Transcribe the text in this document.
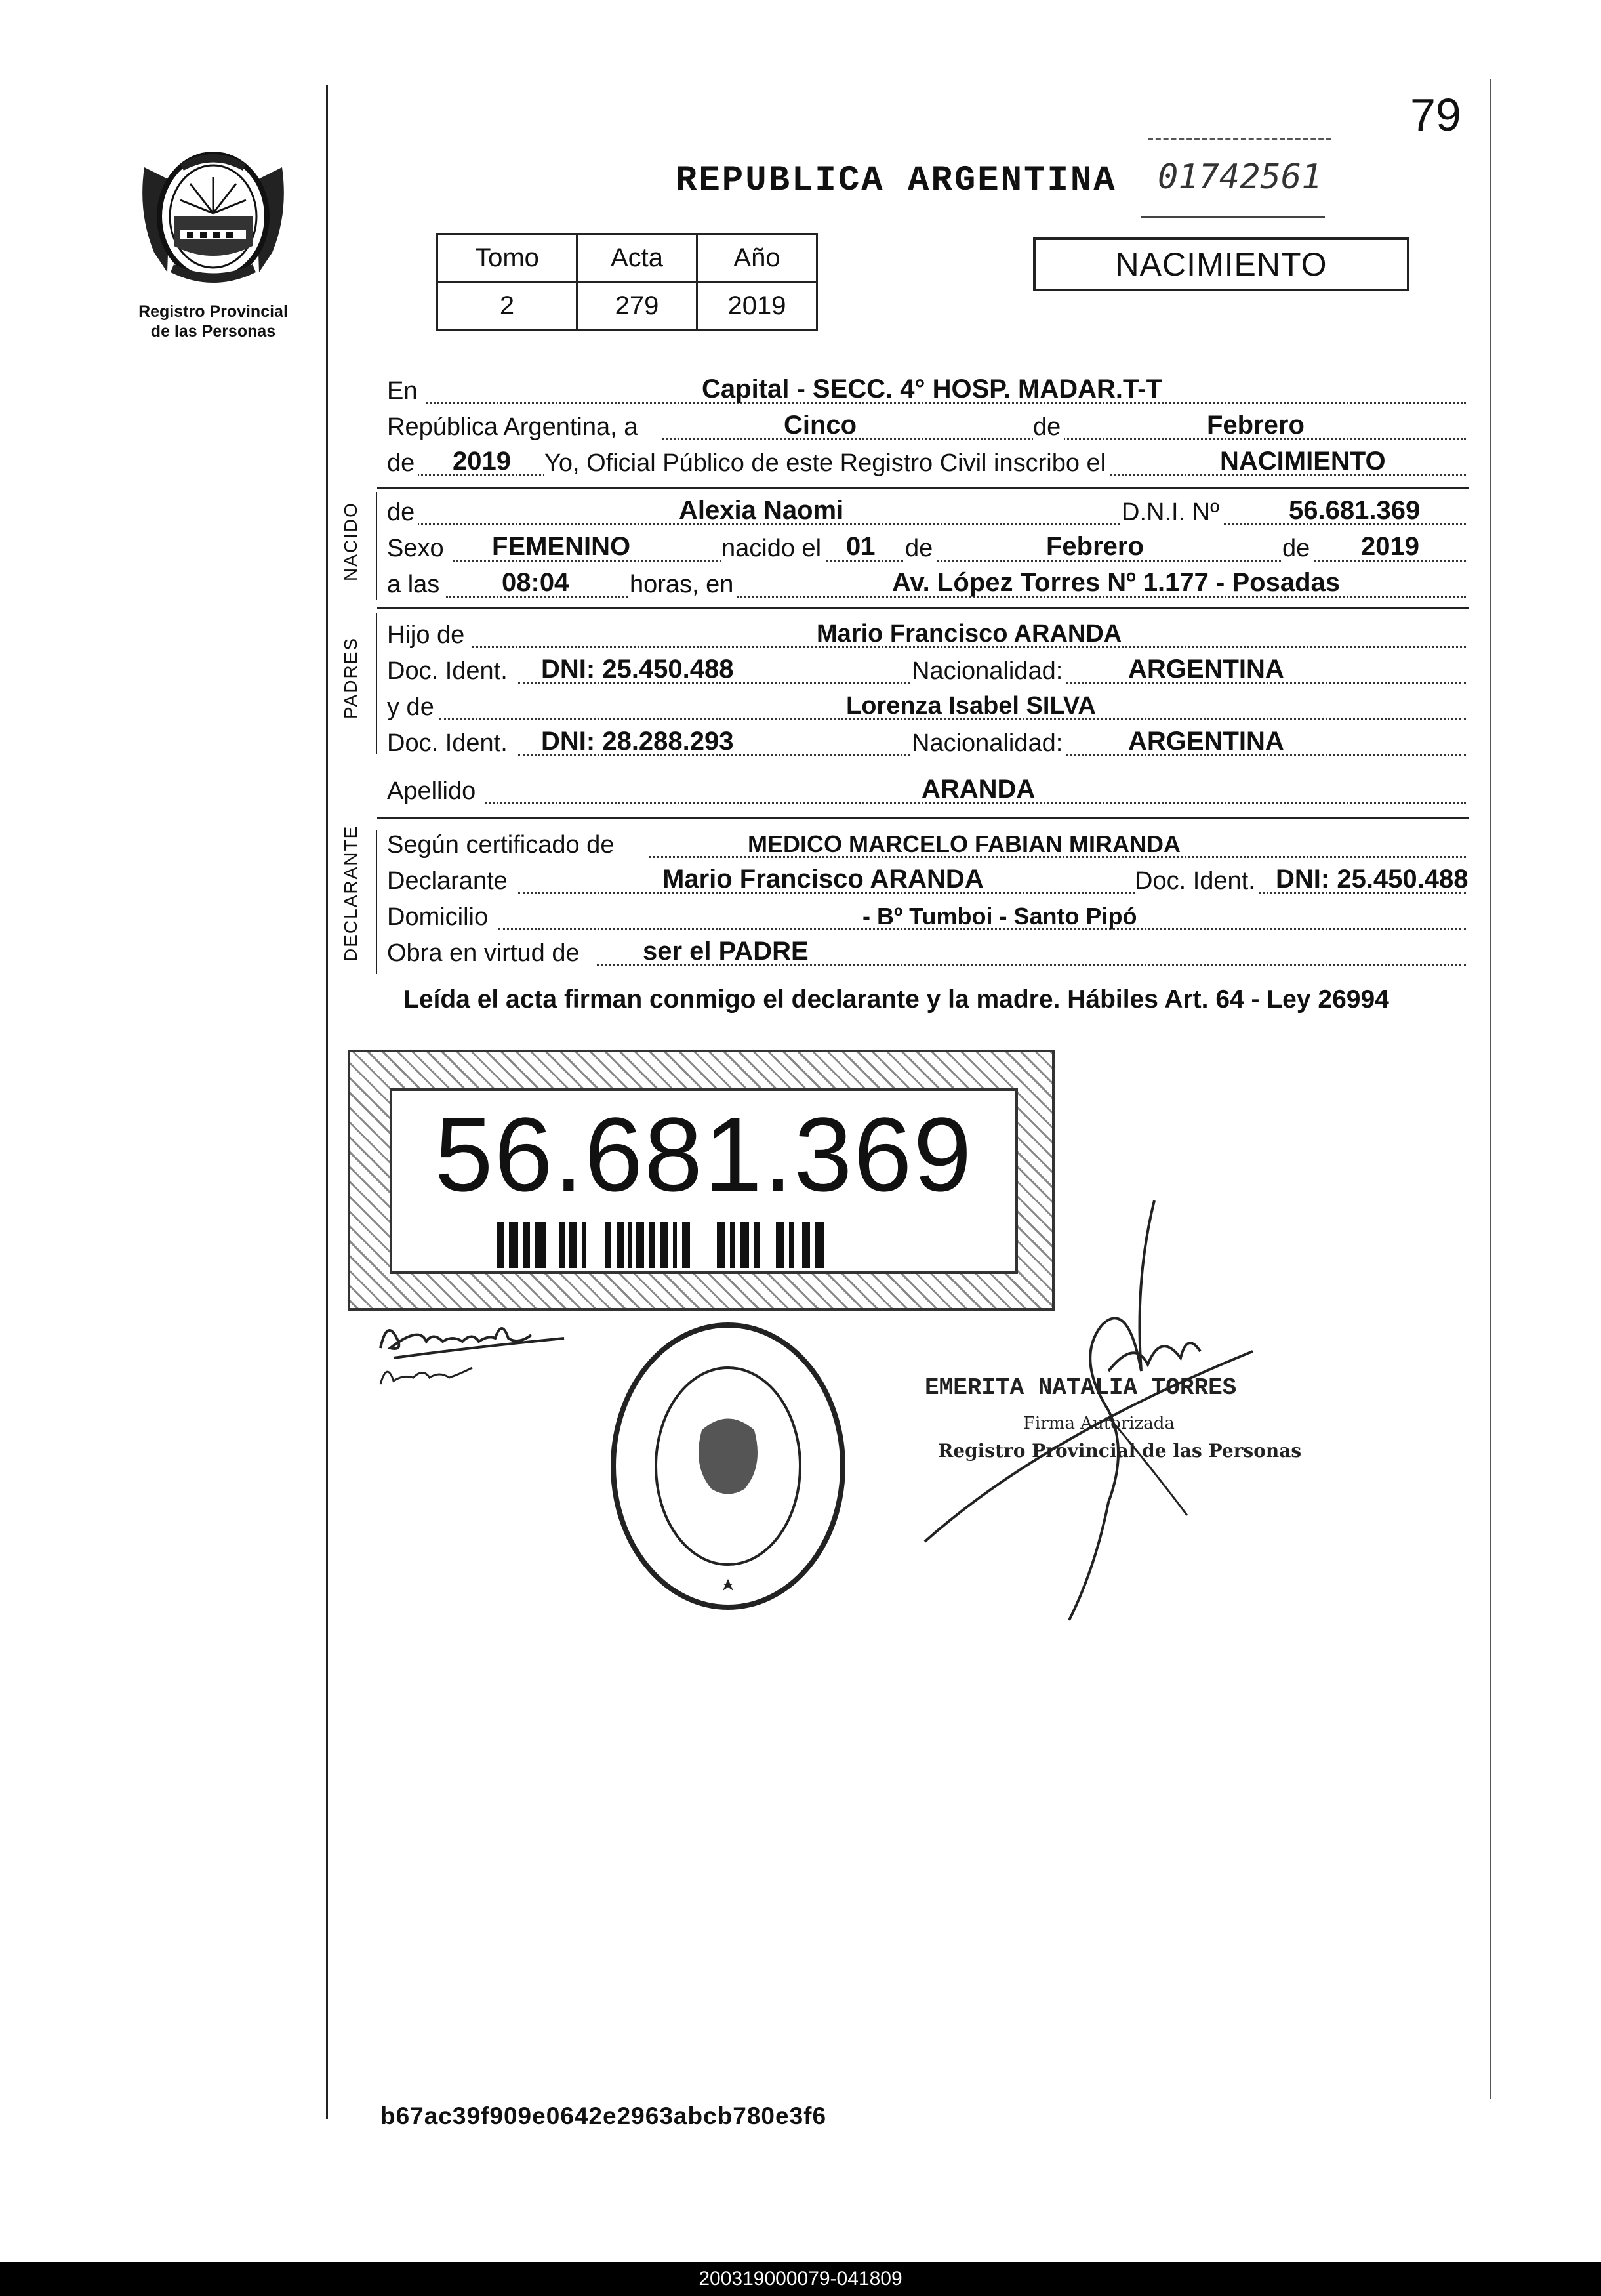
79
Registro Provincial
de las Personas
REPUBLICA ARGENTINA 01742561
Tomo	Acta	Año
2	279	2019
NACIMIENTO
En	Capital - SECC. 4° HOSP. MADAR.T-T
República Argentina, a	Cinco	de	Febrero
de 2019 Yo, Oficial Público de este Registro Civil inscribo el	NACIMIENTO
NACIDO de	Alexia Naomi	D.N.I. Nº	56.681.369
Sexo FEMENINO	nacido el 01 de	Febrero	de 2019
a las 08:04 horas, en	Av. López Torres Nº 1.177 - Posadas
PADRES
Hijo de	Mario Francisco ARANDA
Doc. Ident. DNI: 25.450.488	Nacionalidad: ARGENTINA
y de	Lorenza Isabel SILVA
Doc. Ident. DNI: 28.288.293	Nacionalidad: ARGENTINA
Apellido	ARANDA
DECLARANTE Según certificado de	MEDICO MARCELO FABIAN MIRANDA
Declarante	Mario Francisco ARANDA	Doc. Ident. DNI: 25.450.488
Domicilio	- Bº Tumboi - Santo Pipó
Obra en virtud de ser el PADRE
Leída el acta firman conmigo el declarante y la madre. Hábiles Art. 64 - Ley 26994
56.681.369
EMERITA NATALIA TORRES
Firma Autorizada
Registro Provincial de las Personas
b67ac39f909e0642e2963abcb780e3f6
200319000079-041809
